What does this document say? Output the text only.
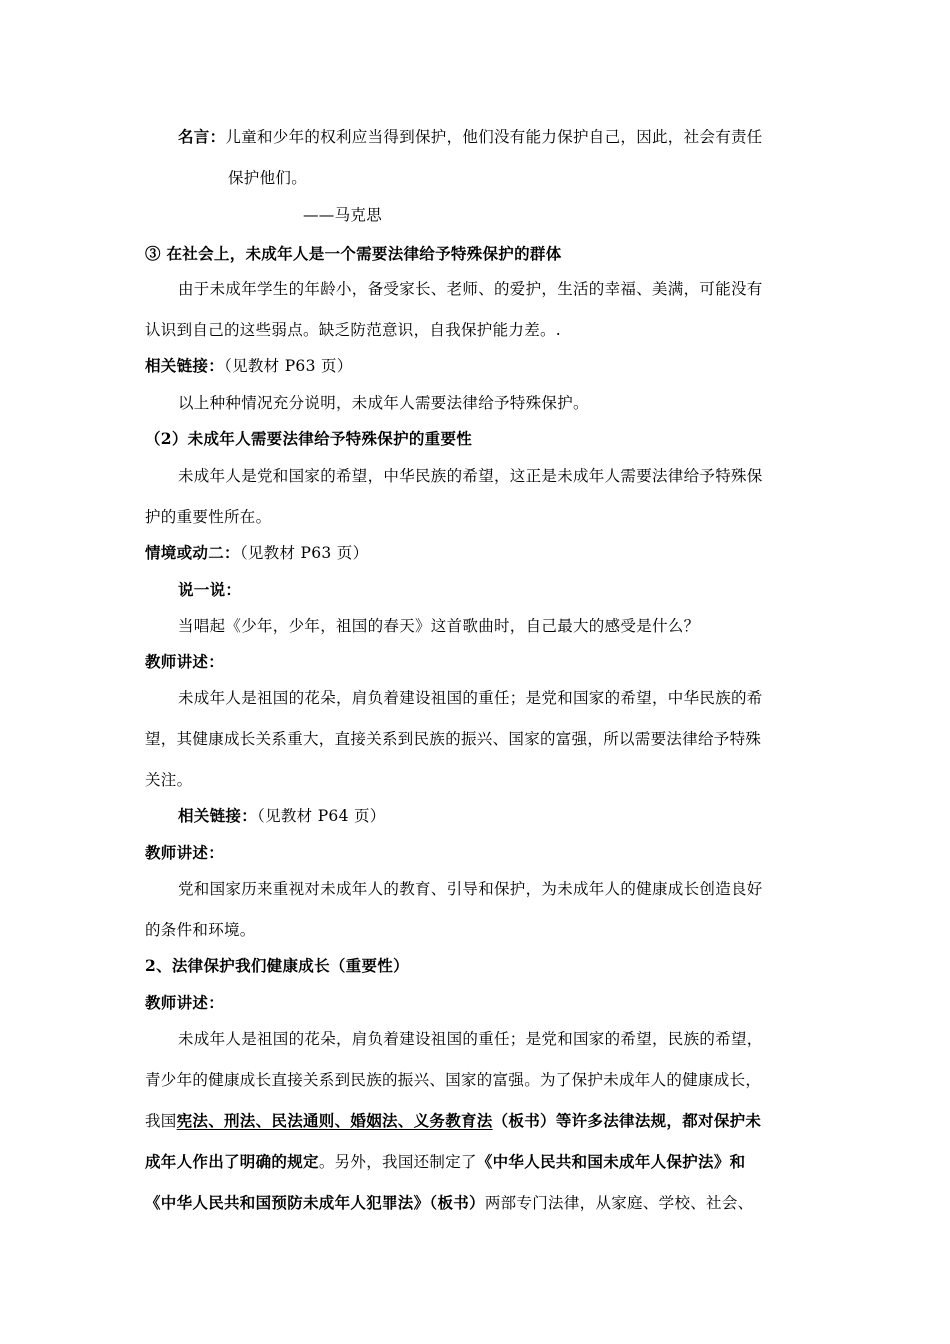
名言：儿童和少年的权利应当得到保护，他们没有能力保护自己，因此，社会有责任
保护他们。
——马克思
③ 在社会上，未成年人是一个需要法律给予特殊保护的群体
由于未成年学生的年龄小，备受家长、老师、的爱护，生活的幸福、美满，可能没有
认识到自己的这些弱点。缺乏防范意识，自我保护能力差。.
相关链接：（见教材 P63 页）
以上种种情况充分说明，未成年人需要法律给予特殊保护。
（2）未成年人需要法律给予特殊保护的重要性
未成年人是党和国家的希望，中华民族的希望，这正是未成年人需要法律给予特殊保
护的重要性所在。
情境或动二：（见教材 P63 页）
说一说：
当唱起《少年，少年，祖国的春天》这首歌曲时，自己最大的感受是什么？
教师讲述：
未成年人是祖国的花朵，肩负着建设祖国的重任；是党和国家的希望，中华民族的希
望，其健康成长关系重大，直接关系到民族的振兴、国家的富强，所以需要法律给予特殊
关注。
相关链接：（见教材 P64 页）
教师讲述：
党和国家历来重视对未成年人的教育、引导和保护，为未成年人的健康成长创造良好
的条件和环境。
2、法律保护我们健康成长（重要性）
教师讲述：
未成年人是祖国的花朵，肩负着建设祖国的重任；是党和国家的希望，民族的希望，
青少年的健康成长直接关系到民族的振兴、国家的富强。为了保护未成年人的健康成长，
我国宪法、刑法、民法通则、婚姻法、义务教育法（板书）等许多法律法规，都对保护未
成年人作出了明确的规定。另外，我国还制定了《中华人民共和国未成年人保护法》和
《中华人民共和国预防未成年人犯罪法》（板书）两部专门法律，从家庭、学校、社会、
